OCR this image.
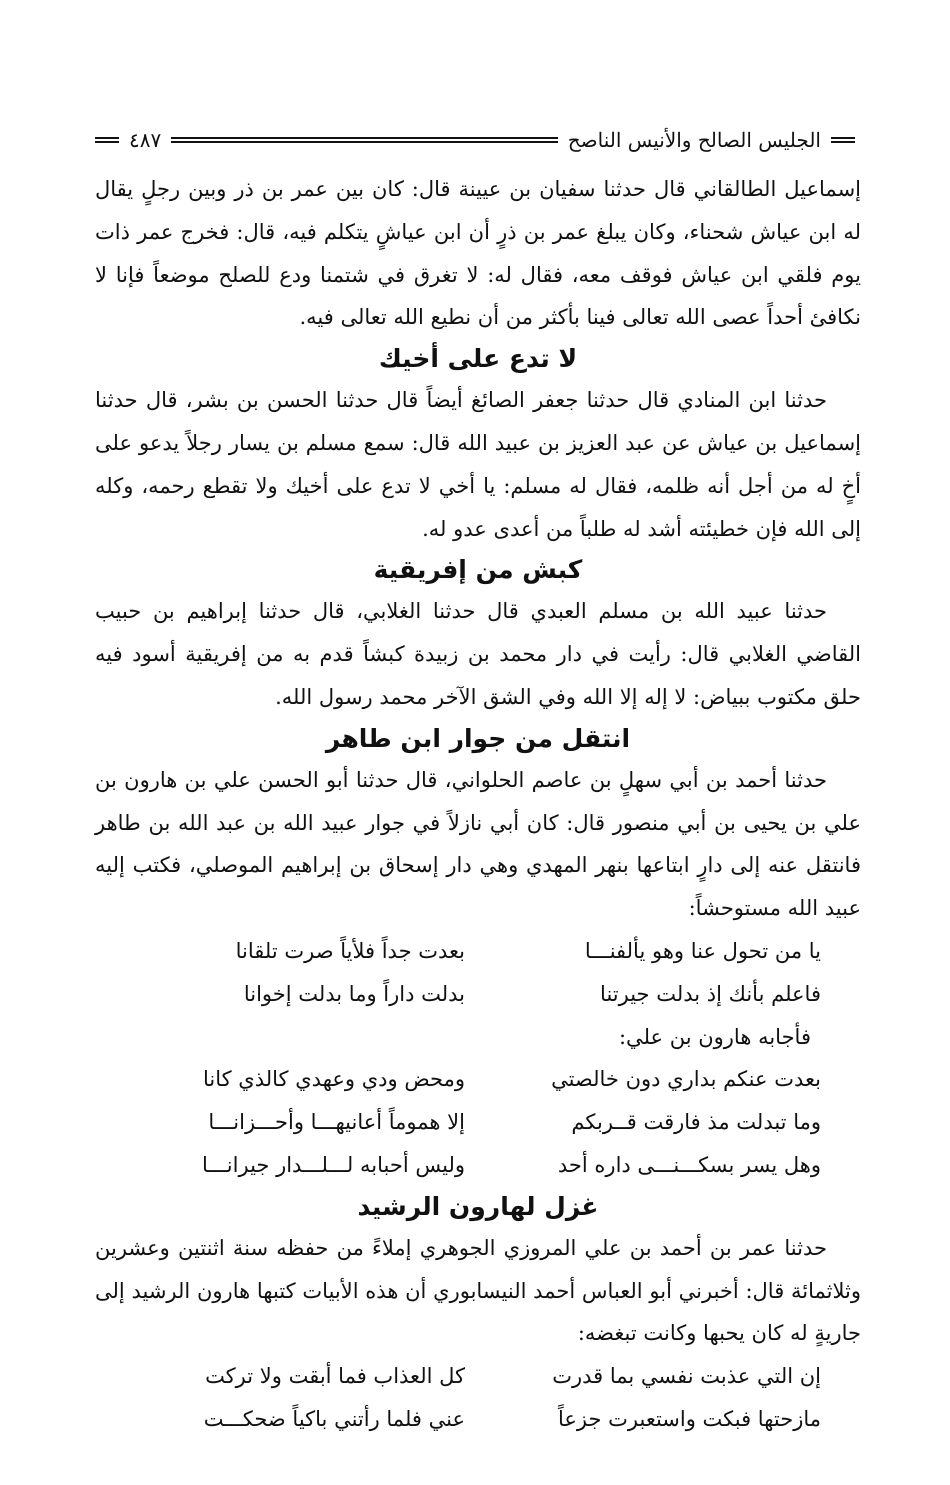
الجليس الصالح والأنيس الناصح
٤٨٧

إسماعيل الطالقاني قال حدثنا سفيان بن عيينة قال: كان بين عمر بن ذر وبين رجلٍ يقال له ابن عياش شحناء، وكان يبلغ عمر بن ذرٍ أن ابن عياشٍ يتكلم فيه، قال: فخرج عمر ذات يوم فلقي ابن عياش فوقف معه، فقال له: لا تغرق في شتمنا ودع للصلح موضعاً فإنا لا نكافئ أحداً عصى الله تعالى فينا بأكثر من أن نطيع الله تعالى فيه.

لا تدع على أخيك

حدثنا ابن المنادي قال حدثنا جعفر الصائغ أيضاً قال حدثنا الحسن بن بشر، قال حدثنا إسماعيل بن عياش عن عبد العزيز بن عبيد الله قال: سمع مسلم بن يسار رجلاً يدعو على أخٍ له من أجل أنه ظلمه، فقال له مسلم: يا أخي لا تدع على أخيك ولا تقطع رحمه، وكله إلى الله فإن خطيئته أشد له طلباً من أعدى عدو له.

كبش من إفريقية

حدثنا عبيد الله بن مسلم العبدي قال حدثنا الغلابي، قال حدثنا إبراهيم بن حبيب القاضي الغلابي قال: رأيت في دار محمد بن زبيدة كبشاً قدم به من إفريقية أسود فيه حلق مكتوب ببياض: لا إله إلا الله وفي الشق الآخر محمد رسول الله.

انتقل من جوار ابن طاهر

حدثنا أحمد بن أبي سهلٍ بن عاصم الحلواني، قال حدثنا أبو الحسن علي بن هارون بن علي بن يحيى بن أبي منصور قال: كان أبي نازلاً في جوار عبيد الله بن عبد الله بن طاهر فانتقل عنه إلى دارٍ ابتاعها بنهر المهدي وهي دار إسحاق بن إبراهيم الموصلي، فكتب إليه عبيد الله مستوحشاً:

يا من تحول عنا وهو يألفنـــا
بعدت جداً فلأياً صرت تلقانا
فاعلم بأنك إذ بدلت جيرتنا
بدلت داراً وما بدلت إخوانا

فأجابه هارون بن علي:

بعدت عنكم بداري دون خالصتي
ومحض ودي وعهدي كالذي كانا
وما تبدلت مذ فارقت قــربكم
إلا هموماً أعانيهـــا وأحـــزانـــا
وهل يسر بسكـــنـــى داره أحد
وليس أحبابه لـــلـــدار جيرانـــا
غزل لهارون الرشيد

حدثنا عمر بن أحمد بن علي المروزي الجوهري إملاءً من حفظه سنة اثنتين وعشرين وثلاثمائة قال: أخبرني أبو العباس أحمد النيسابوري أن هذه الأبيات كتبها هارون الرشيد إلى جاريةٍ له كان يحبها وكانت تبغضه:

إن التي عذبت نفسي بما قدرت
كل العذاب فما أبقت ولا تركت
مازحتها فبكت واستعبرت جزعاً
عني فلما رأتني باكياً ضحكـــت
